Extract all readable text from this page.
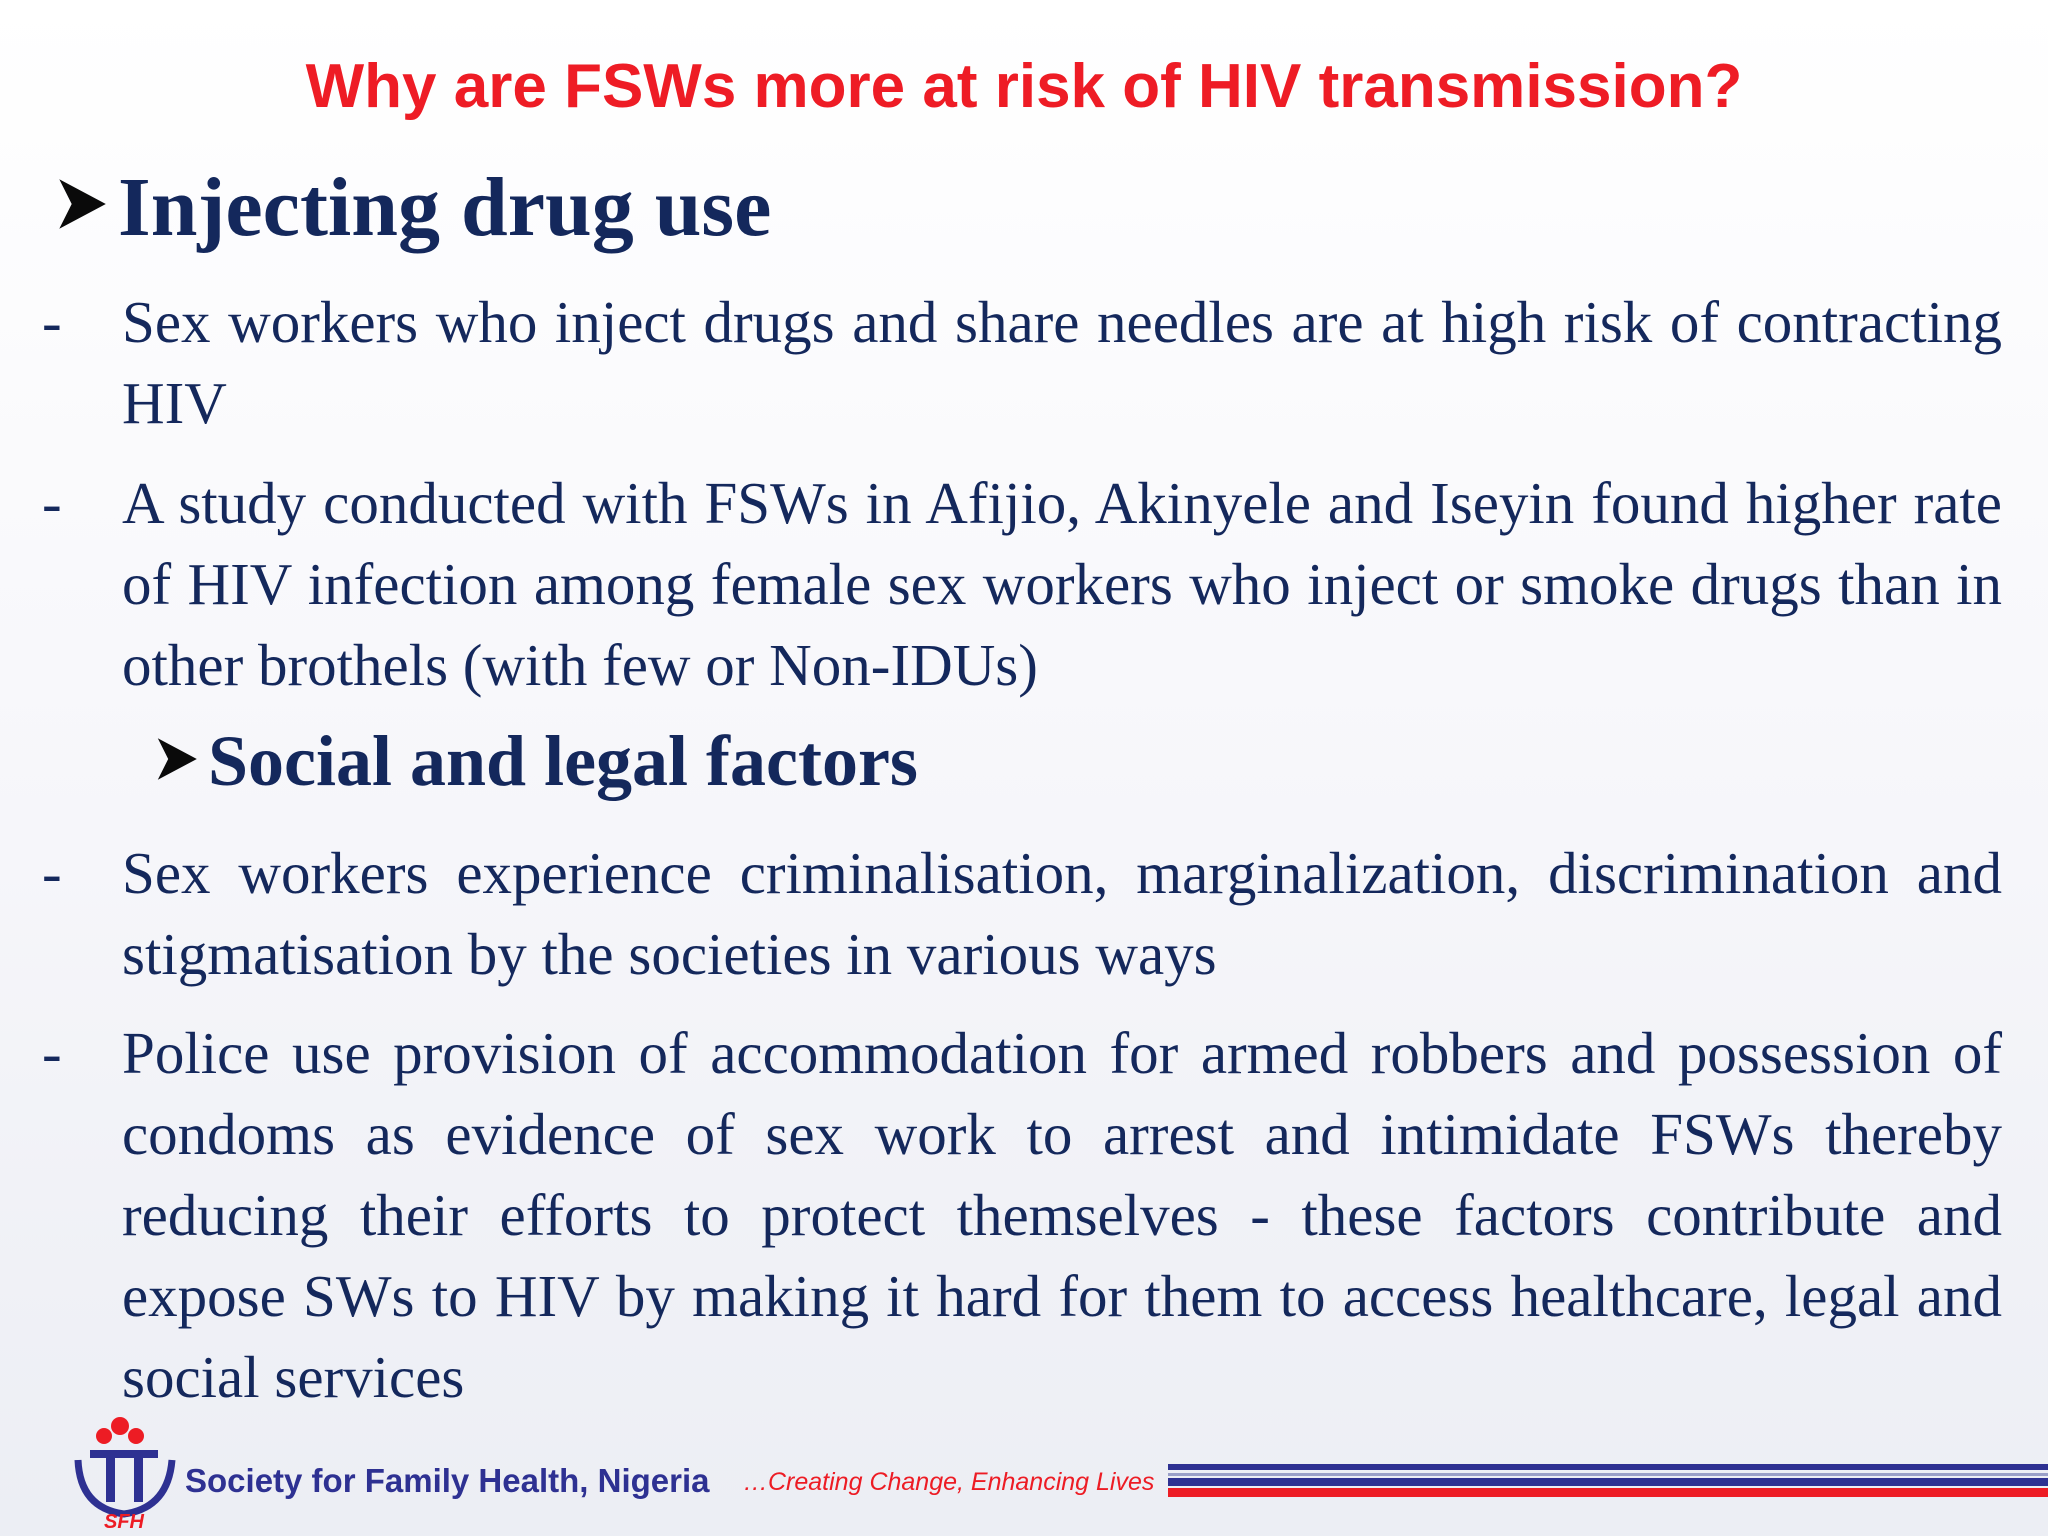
Why are FSWs more at risk of HIV transmission?
Injecting drug use
-	Sex workers who inject drugs and share needles are at high risk of contracting HIV
-	A study conducted with FSWs in Afijio, Akinyele and Iseyin found higher rate of HIV infection among female sex workers who inject or smoke drugs than in other brothels (with few or Non-IDUs)
Social and legal factors
-	Sex workers experience criminalisation, marginalization, discrimination and stigmatisation by the societies in various ways
-	Police use provision of accommodation for armed robbers and possession of condoms as evidence of sex work to arrest and intimidate FSWs thereby reducing their efforts to protect themselves - these factors contribute and expose SWs to HIV by making it hard for them to access healthcare, legal and social services
SFH
Society for Family Health, Nigeria …Creating Change, Enhancing Lives
